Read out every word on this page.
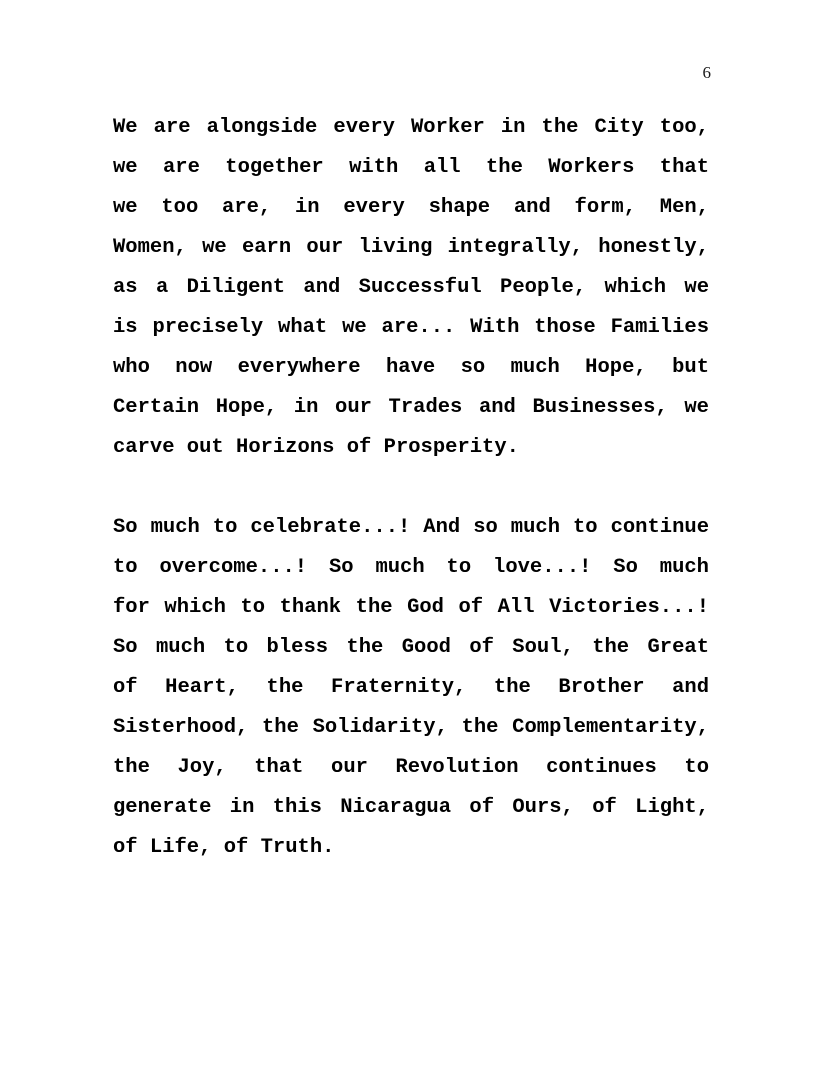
6
We are alongside every Worker in the City too,
we are together with all the Workers that
we too are, in every shape and form, Men,
Women, we earn our living integrally, honestly,
as a Diligent and Successful People, which we
is precisely what we are... With those Families
who now everywhere have so much Hope, but
Certain Hope, in our Trades and Businesses, we
carve out Horizons of Prosperity.
So much to celebrate...! And so much to continue
to overcome...! So much to love...! So much
for which to thank the God of All Victories...!
So much to bless the Good of Soul, the Great
of Heart, the Fraternity, the Brother and
Sisterhood, the Solidarity, the Complementarity,
the Joy, that our Revolution continues to
generate in this Nicaragua of Ours, of Light,
of Life, of Truth.
